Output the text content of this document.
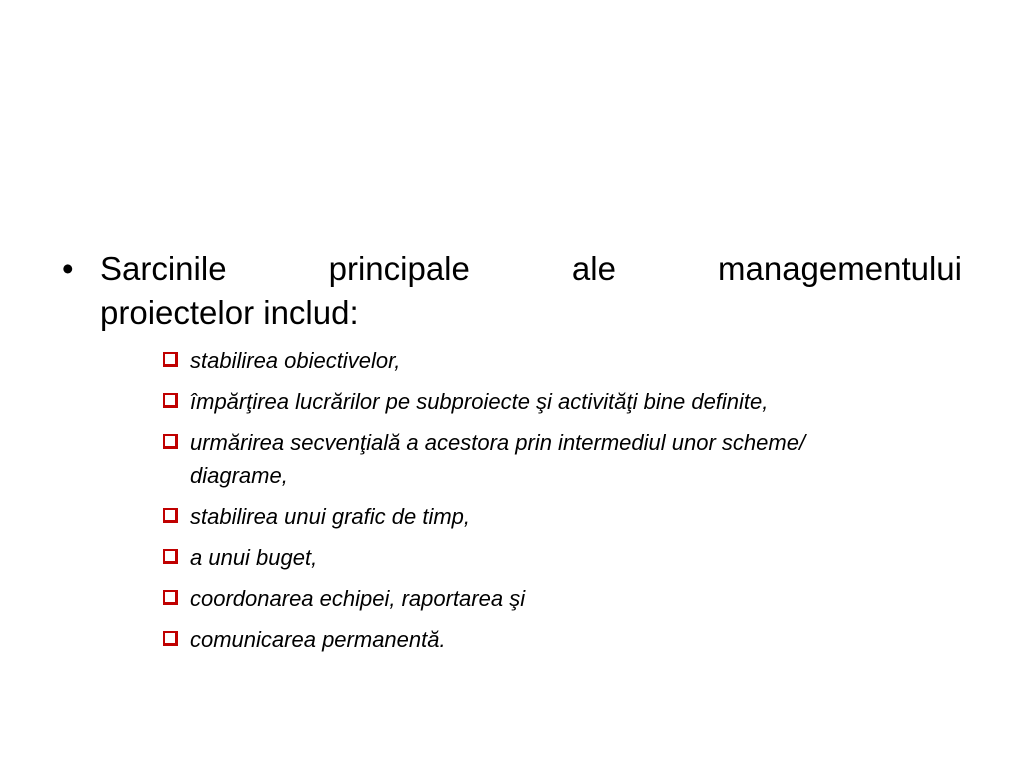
• Sarcinile	principale	ale	managementului
proiectelor includ:
stabilirea obiectivelor,
împărţirea lucrărilor pe subproiecte şi activităţi bine definite,
urmărirea secvenţială a acestora prin intermediul unor scheme/ diagrame,
stabilirea unui grafic de timp,
a unui buget,
coordonarea echipei, raportarea şi
comunicarea permanentă.
